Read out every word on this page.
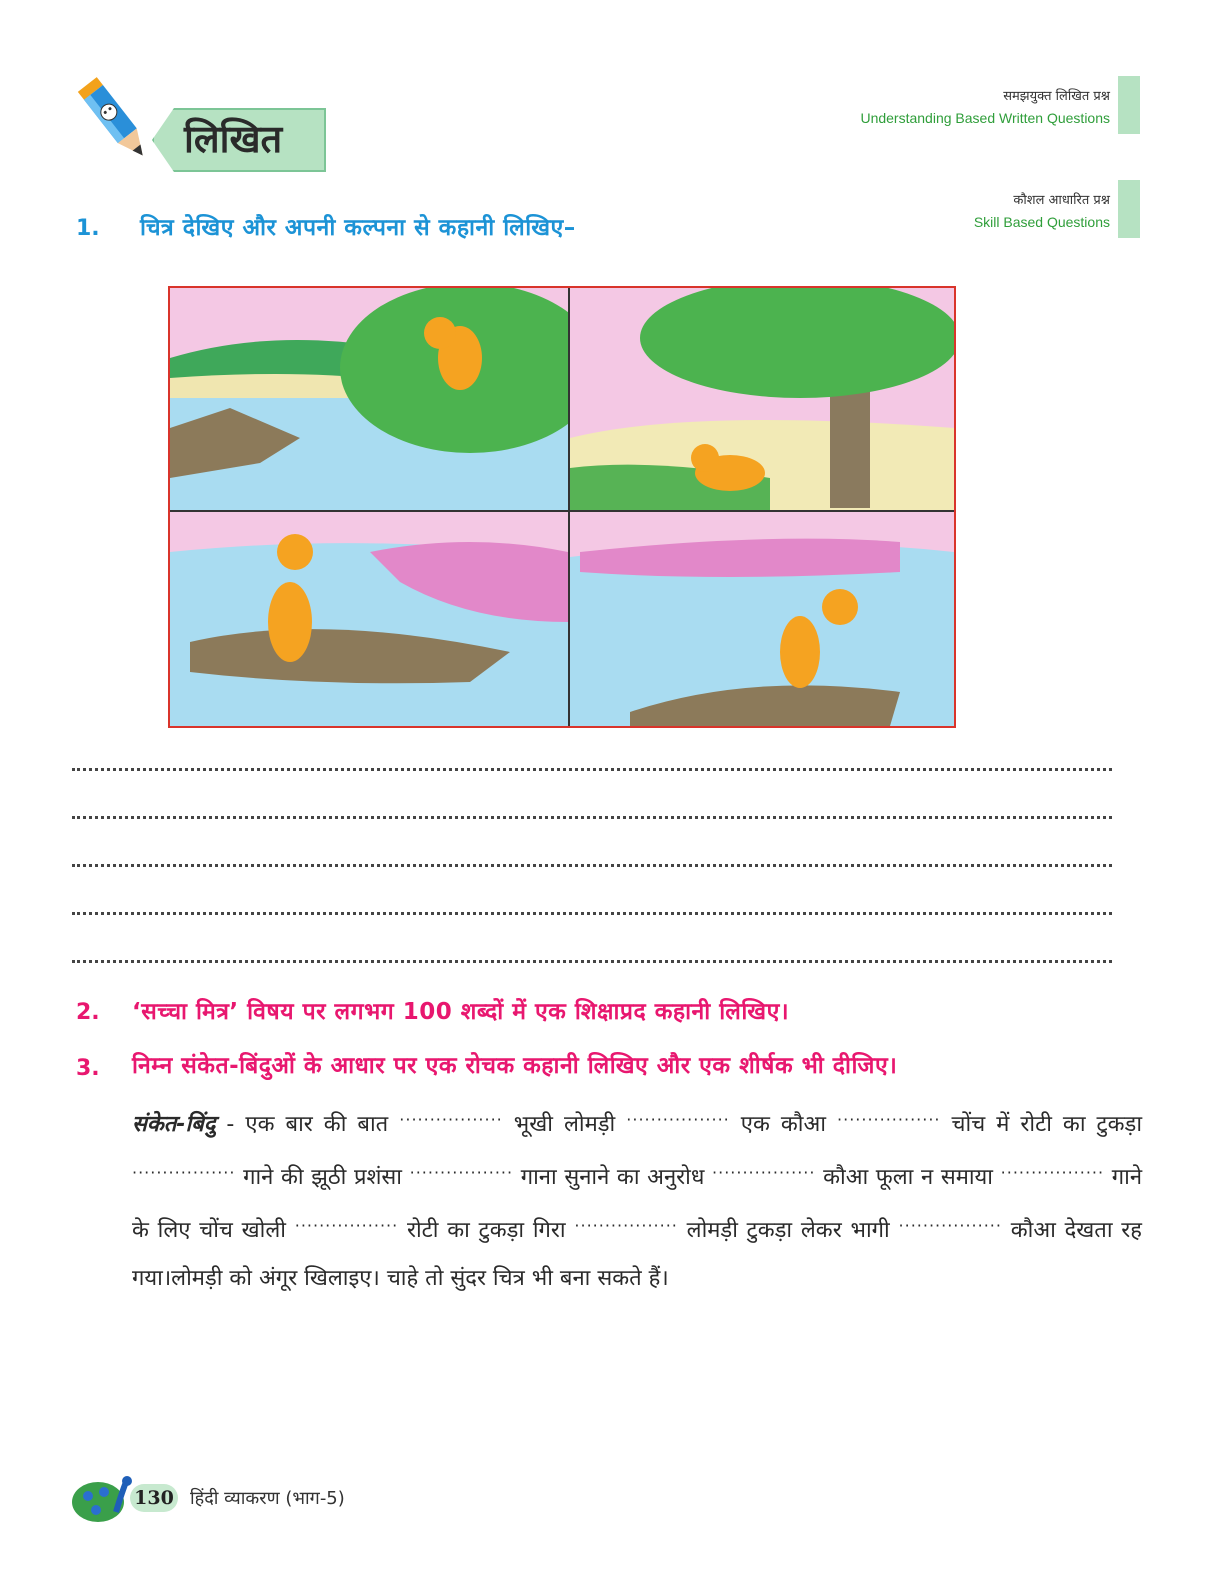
लिखित
समझयुक्त लिखित प्रश्न
Understanding Based Written Questions
कौशल आधारित प्रश्न
Skill Based Questions
1. चित्र देखिए और अपनी कल्पना से कहानी लिखिए–
2. ‘सच्चा मित्र’ विषय पर लगभग 100 शब्दों में एक शिक्षाप्रद कहानी लिखिए।
3. निम्न संकेत-बिंदुओं के आधार पर एक रोचक कहानी लिखिए और एक शीर्षक भी दीजिए।
संकेत-बिंदु - एक बार की बात ················· भूखी लोमड़ी ················· एक कौआ ················· चोंच में रोटी का टुकड़ा ················· गाने की झूठी प्रशंसा ················· गाना सुनाने का अनुरोध ················· कौआ फूला न समाया ················· गाने के लिए चोंच खोली ················· रोटी का टुकड़ा गिरा ················· लोमड़ी टुकड़ा लेकर भागी ················· कौआ देखता रह गया।लोमड़ी को अंगूर खिलाइए। चाहे तो सुंदर चित्र भी बना सकते हैं।
130 हिंदी व्याकरण (भाग-5)
